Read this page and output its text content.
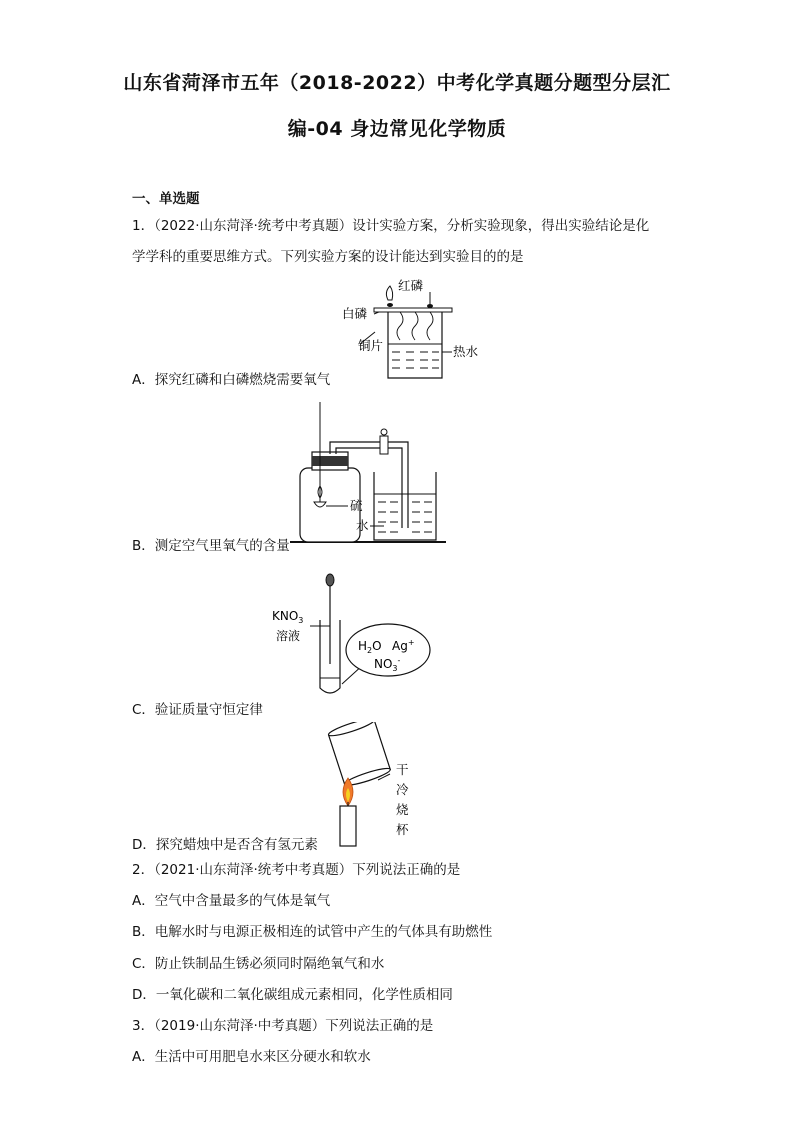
山东省菏泽市五年（2018-2022）中考化学真题分题型分层汇
编-04 身边常见化学物质
一、单选题
1．（2022·山东菏泽·统考中考真题）设计实验方案，分析实验现象，得出实验结论是化
学学科的重要思维方式。下列实验方案的设计能达到实验目的的是
红磷
白磷
铜片	热水
A．探究红磷和白磷燃烧需要氧气
硫
水
B．测定空气里氧气的含量
$KNO_3$
溶液
$H_2O$ Ag+
$NO_3^-$
C．验证质量守恒定律
干
冷
烧
杯
D．探究蜡烛中是否含有氢元素
2．（2021·山东菏泽·统考中考真题）下列说法正确的是
A．空气中含量最多的气体是氧气
B．电解水时与电源正极相连的试管中产生的气体具有助燃性
C．防止铁制品生锈必须同时隔绝氧气和水
D．一氧化碳和二氧化碳组成元素相同，化学性质相同
3．（2019·山东菏泽·中考真题）下列说法正确的是
A．生活中可用肥皂水来区分硬水和软水
